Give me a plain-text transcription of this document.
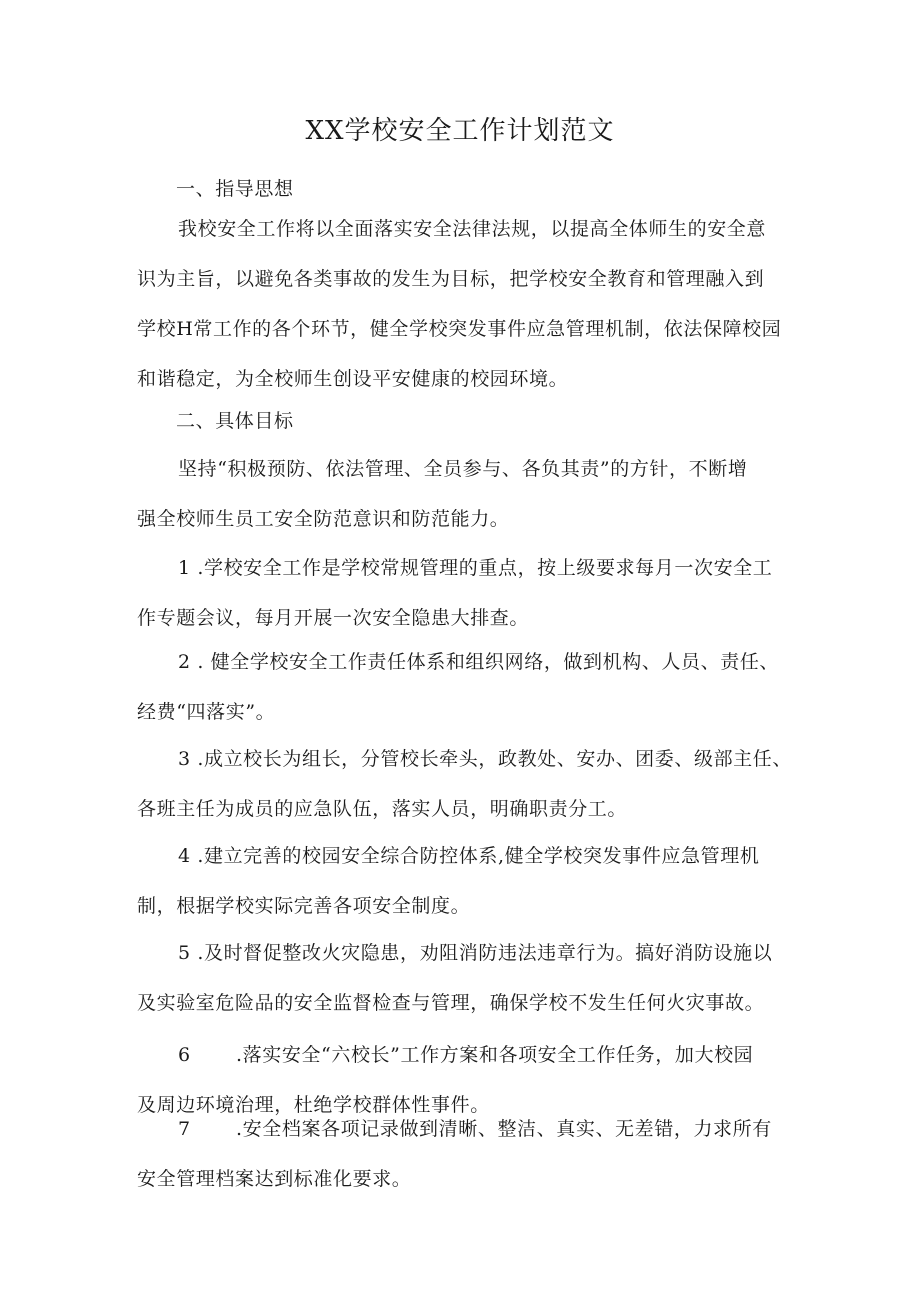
XX学校安全工作计划范文

一、指导思想

我校安全工作将以全面落实安全法律法规，以提高全体师生的安全意
识为主旨，以避免各类事故的发生为目标，把学校安全教育和管理融入到
学校H常工作的各个环节，健全学校突发事件应急管理机制，依法保障校园
和谐稳定，为全校师生创设平安健康的校园环境。

二、具体目标

坚持“积极预防、依法管理、全员参与、各负其责”的方针，不断增
强全校师生员工安全防范意识和防范能力。

1 .学校安全工作是学校常规管理的重点，按上级要求每月一次安全工
作专题会议，每月开展一次安全隐患大排查。

2 . 健全学校安全工作责任体系和组织网络，做到机构、人员、责任、
经费“四落实”。

3 .成立校长为组长，分管校长牵头，政教处、安办、团委、级部主任、
各班主任为成员的应急队伍，落实人员，明确职责分工。

4 .建立完善的校园安全综合防控体系,健全学校突发事件应急管理机
制，根据学校实际完善各项安全制度。

5 .及时督促整改火灾隐患，劝阻消防违法违章行为。搞好消防设施以
及实验室危险品的安全监督检查与管理，确保学校不发生任何火灾事故。

6 .落实安全“六校长”工作方案和各项安全工作任务，加大校园
及周边环境治理，杜绝学校群体性事件。

7 .安全档案各项记录做到清晰、整洁、真实、无差错，力求所有
安全管理档案达到标准化要求。
